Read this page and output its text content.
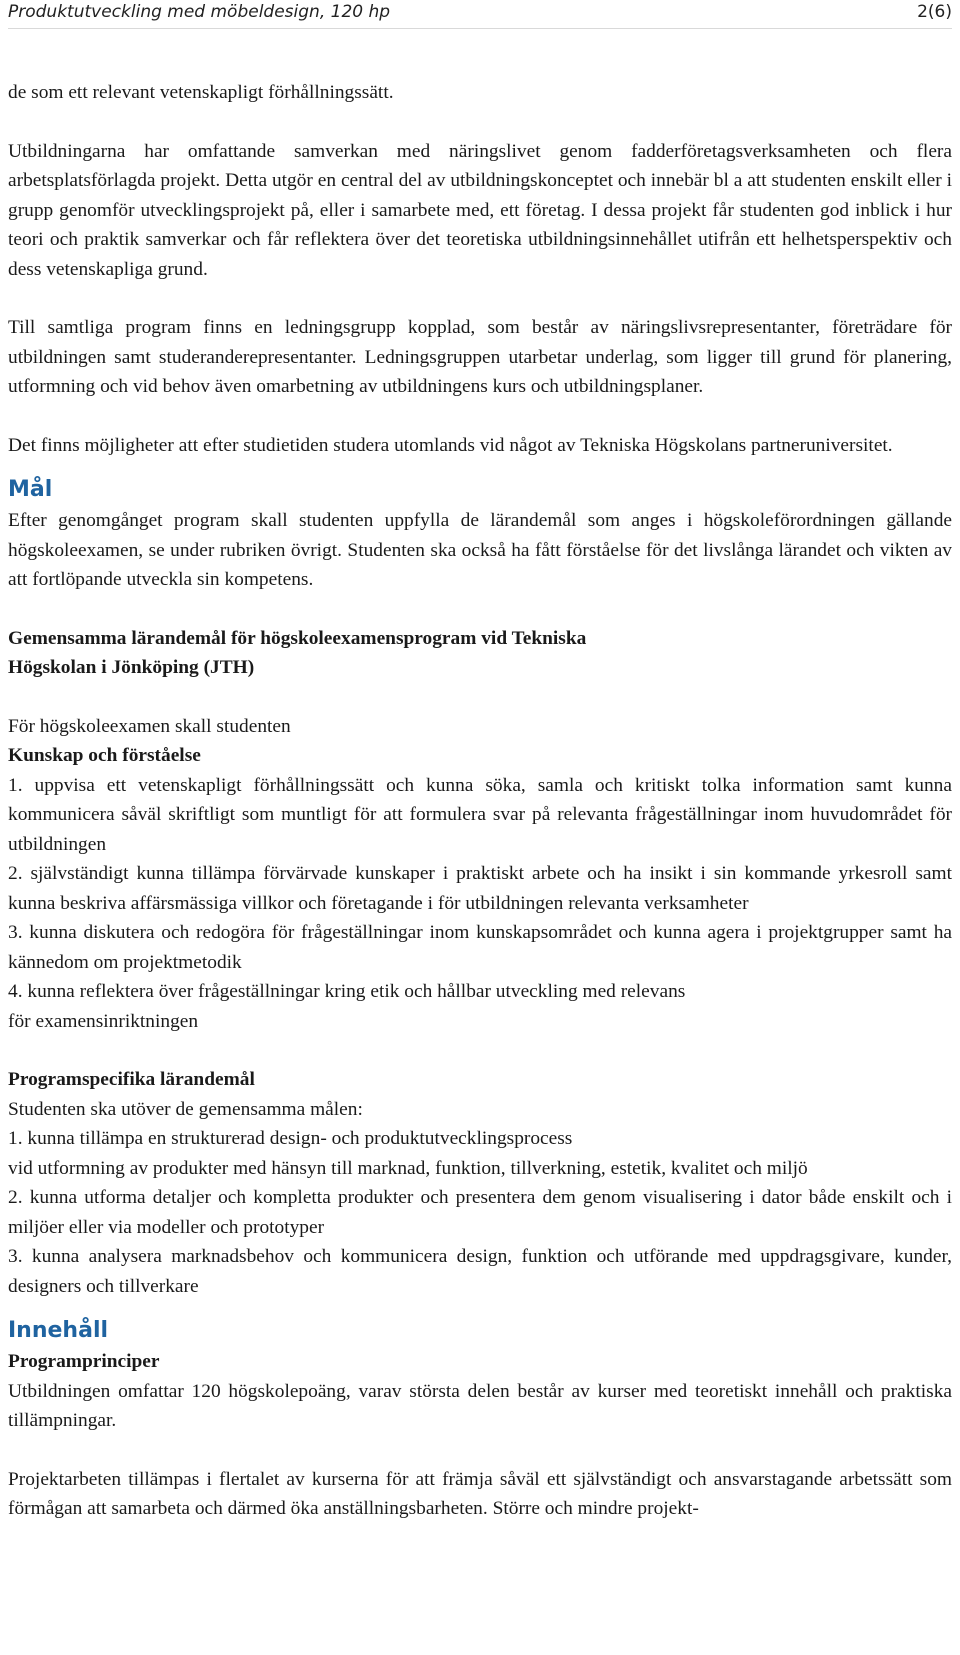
Produktutveckling med möbeldesign, 120 hp	2(6)

de som ett relevant vetenskapligt förhållningssätt.

Utbildningarna har omfattande samverkan med näringslivet genom fadderföretagsverksamheten och flera arbetsplatsförlagda projekt. Detta utgör en central del av utbildningskonceptet och innebär bl a att studenten enskilt eller i grupp genomför utvecklingsprojekt på, eller i samarbete med, ett företag. I dessa projekt får studenten god inblick i hur teori och praktik samverkar och får reflektera över det teoretiska utbildningsinnehållet utifrån ett helhetsperspektiv och dess vetenskapliga grund.

Till samtliga program finns en ledningsgrupp kopplad, som består av näringslivsrepresentanter, företrädare för utbildningen samt studeranderepresentanter. Ledningsgruppen utarbetar underlag, som ligger till grund för planering, utformning och vid behov även omarbetning av utbildningens kurs och utbildningsplaner.

Det finns möjligheter att efter studietiden studera utomlands vid något av Tekniska Högskolans partneruniversitet.

Mål

Efter genomgånget program skall studenten uppfylla de lärandemål som anges i högskoleförordningen gällande högskoleexamen, se under rubriken övrigt. Studenten ska också ha fått förståelse för det livslånga lärandet och vikten av att fortlöpande utveckla sin kompetens.

Gemensamma lärandemål för högskoleexamensprogram vid Tekniska

Högskolan i Jönköping (JTH)

För högskoleexamen skall studenten

Kunskap och förståelse

1. uppvisa ett vetenskapligt förhållningssätt och kunna söka, samla och kritiskt tolka information samt kunna kommunicera såväl skriftligt som muntligt för att formulera svar på relevanta frågeställningar inom huvudområdet för utbildningen

2. självständigt kunna tillämpa förvärvade kunskaper i praktiskt arbete och ha insikt i sin kommande yrkesroll samt kunna beskriva affärsmässiga villkor och företagande i för utbildningen relevanta verksamheter

3. kunna diskutera och redogöra för frågeställningar inom kunskapsområdet och kunna agera i projektgrupper samt ha kännedom om projektmetodik

4. kunna reflektera över frågeställningar kring etik och hållbar utveckling med relevans

för examensinriktningen

Programspecifika lärandemål

Studenten ska utöver de gemensamma målen:

1. kunna tillämpa en strukturerad design- och produktutvecklingsprocess

vid utformning av produkter med hänsyn till marknad, funktion, tillverkning, estetik, kvalitet och miljö

2. kunna utforma detaljer och kompletta produkter och presentera dem genom visualisering i dator både enskilt och i miljöer eller via modeller och prototyper

3. kunna analysera marknadsbehov och kommunicera design, funktion och utförande med uppdragsgivare, kunder, designers och tillverkare

Innehåll

Programprinciper

Utbildningen omfattar 120 högskolepoäng, varav största delen består av kurser med teoretiskt innehåll och praktiska tillämpningar.

Projektarbeten tillämpas i flertalet av kurserna för att främja såväl ett självständigt och ansvarstagande arbetssätt som förmågan att samarbeta och därmed öka anställningsbarheten. Större och mindre projekt-
